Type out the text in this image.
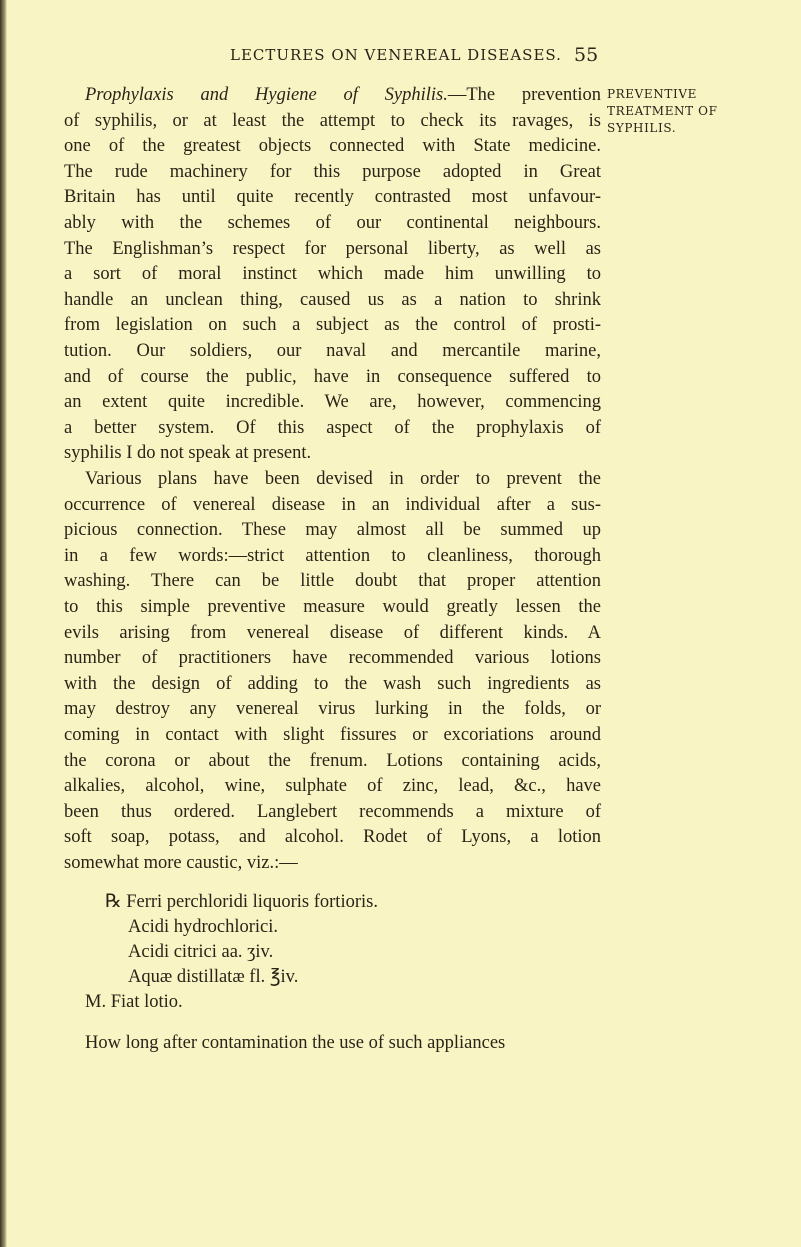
LECTURES ON VENEREAL DISEASES. 55
PREVENTIVE
TREATMENT OF
SYPHILIS.
Prophylaxis and Hygiene of Syphilis.—The prevention
of syphilis, or at least the attempt to check its ravages, is
one of the greatest objects connected with State medicine.
The rude machinery for this purpose adopted in Great
Britain has until quite recently contrasted most unfavour-
ably with the schemes of our continental neighbours.
The Englishman’s respect for personal liberty, as well as
a sort of moral instinct which made him unwilling to
handle an unclean thing, caused us as a nation to shrink
from legislation on such a subject as the control of prosti-
tution. Our soldiers, our naval and mercantile marine,
and of course the public, have in consequence suffered to
an extent quite incredible. We are, however, commencing
a better system. Of this aspect of the prophylaxis of
syphilis I do not speak at present.
Various plans have been devised in order to prevent the
occurrence of venereal disease in an individual after a sus-
picious connection. These may almost all be summed up
in a few words:—strict attention to cleanliness, thorough
washing. There can be little doubt that proper attention
to this simple preventive measure would greatly lessen the
evils arising from venereal disease of different kinds. A
number of practitioners have recommended various lotions
with the design of adding to the wash such ingredients as
may destroy any venereal virus lurking in the folds, or
coming in contact with slight fissures or excoriations around
the corona or about the frenum. Lotions containing acids,
alkalies, alcohol, wine, sulphate of zinc, lead, &c., have
been thus ordered. Langlebert recommends a mixture of
soft soap, potass, and alcohol. Rodet of Lyons, a lotion
somewhat more caustic, viz.:—
℞ Ferri perchloridi liquoris fortioris.
Acidi hydrochlorici.
Acidi citrici aa. ʒiv.
Aquæ distillatæ fl. ℥iv.
M. Fiat lotio.
How long after contamination the use of such appliances
